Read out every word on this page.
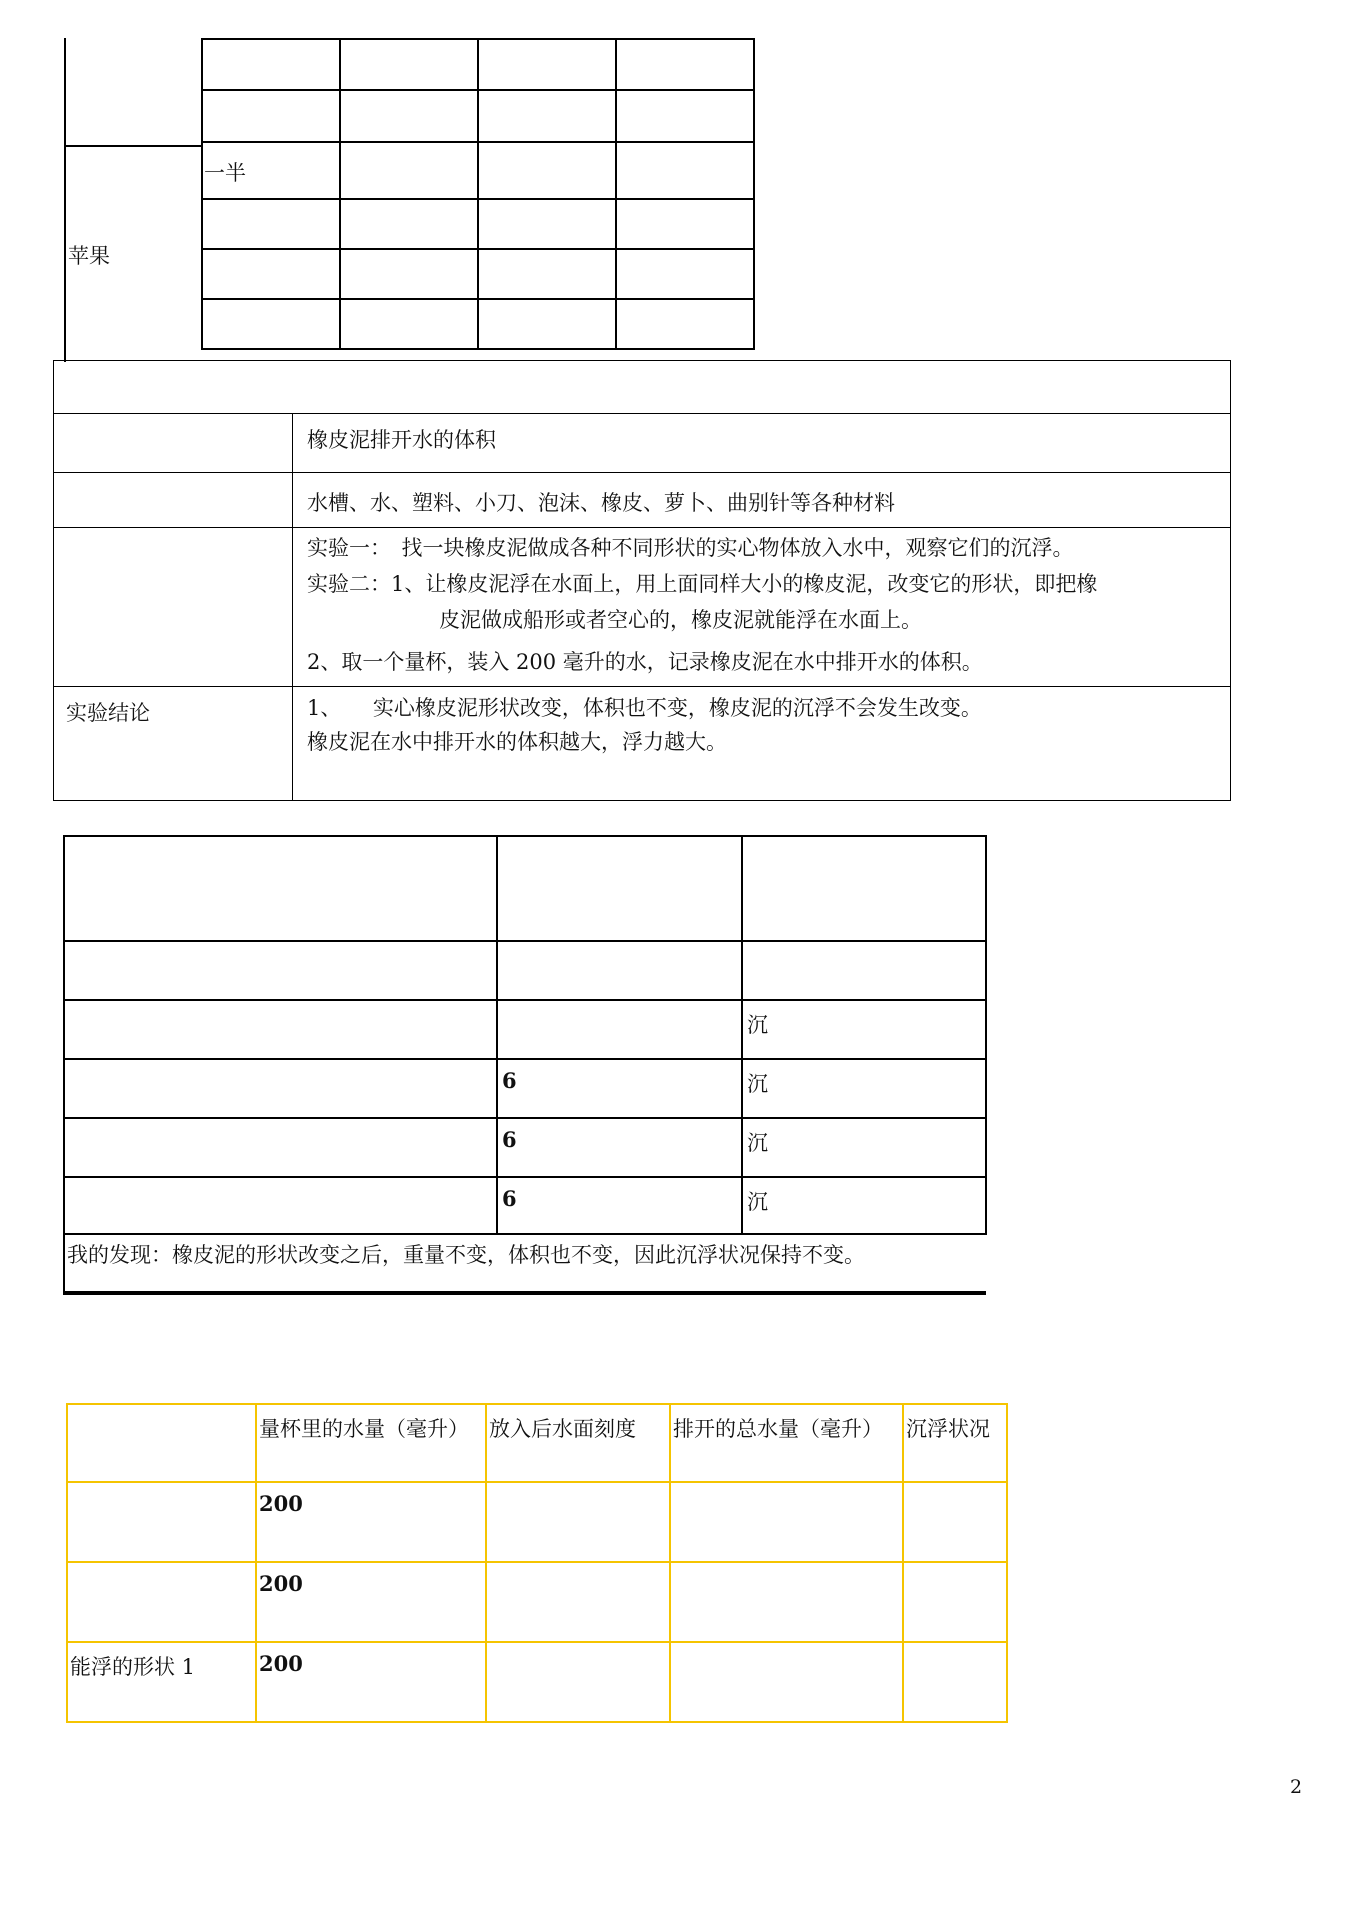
苹果

一半			

	橡皮泥排开水的体积
	水槽、水、塑料、小刀、泡沫、橡皮、萝卜、曲别针等各种材料

	实验一：　找一块橡皮泥做成各种不同形状的实心物体放入水中，观察它们的沉浮。
实验二：1、让橡皮泥浮在水面上，用上面同样大小的橡皮泥，改变它的形状，即把橡
皮泥做成船形或者空心的，橡皮泥就能浮在水面上。
2、取一个量杯，装入 200 毫升的水，记录橡皮泥在水中排开水的体积。

实验结论	1、　　实心橡皮泥形状改变，体积也不变，橡皮泥的沉浮不会发生改变。
橡皮泥在水中排开水的体积越大，浮力越大。

		沉
	6	沉
	6	沉
	6	沉
我的发现：橡皮泥的形状改变之后，重量不变，体积也不变，因此沉浮状况保持不变。		
	量杯里的水量（毫升）	放入后水面刻度	排开的总水量（毫升）	沉浮状况
	200			
	200			
能浮的形状 1	200			
2
